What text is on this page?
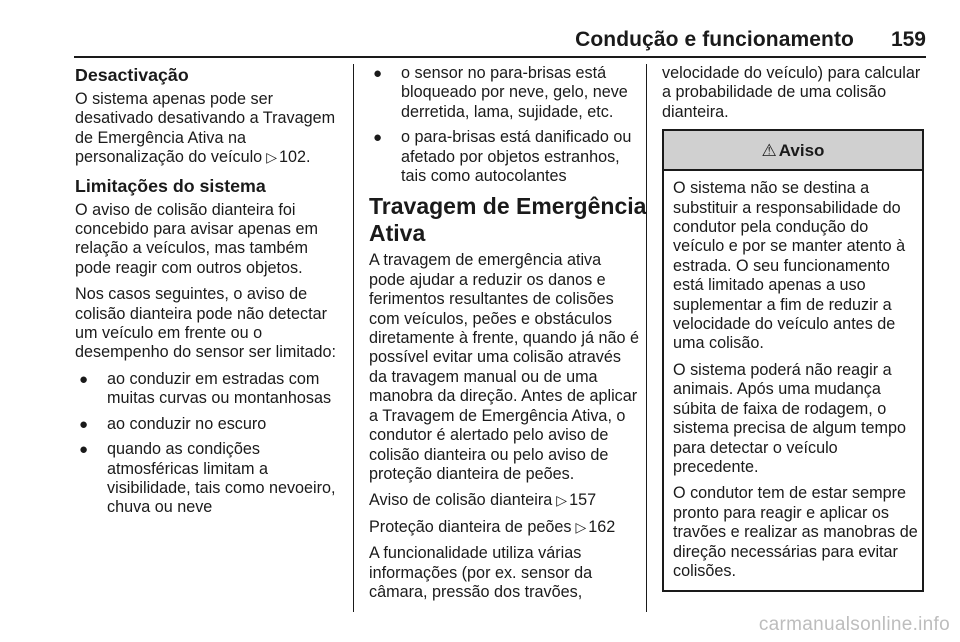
Condução e funcionamento 159
Desactivação

O sistema apenas pode ser
desativado desativando a Travagem
de Emergência Ativa na
personalização do veículo ▷ 102.

Limitações do sistema

O aviso de colisão dianteira foi
concebido para avisar apenas em
relação a veículos, mas também
pode reagir com outros objetos.

Nos casos seguintes, o aviso de
colisão dianteira pode não detectar
um veículo em frente ou o
desempenho do sensor ser limitado:

● ao conduzir em estradas com
muitas curvas ou montanhosas
● ao conduzir no escuro
● quando as condições
atmosféricas limitam a
visibilidade, tais como nevoeiro,
chuva ou neve
● o sensor no para-brisas está
bloqueado por neve, gelo, neve
derretida, lama, sujidade, etc.
● o para-brisas está danificado ou
afetado por objetos estranhos,
tais como autocolantes
Travagem de Emergência
Ativa

A travagem de emergência ativa
pode ajudar a reduzir os danos e
ferimentos resultantes de colisões
com veículos, peões e obstáculos
diretamente à frente, quando já não é
possível evitar uma colisão através
da travagem manual ou de uma
manobra da direção. Antes de aplicar
a Travagem de Emergência Ativa, o
condutor é alertado pelo aviso de
colisão dianteira ou pelo aviso de
proteção dianteira de peões.

Aviso de colisão dianteira ▷ 157

Proteção dianteira de peões ▷ 162

A funcionalidade utiliza várias
informações (por ex. sensor da
câmara, pressão dos travões,

velocidade do veículo) para calcular
a probabilidade de uma colisão
dianteira.

⚠ Aviso

O sistema não se destina a
substituir a responsabilidade do
condutor pela condução do
veículo e por se manter atento à
estrada. O seu funcionamento
está limitado apenas a uso
suplementar a fim de reduzir a
velocidade do veículo antes de
uma colisão.

O sistema poderá não reagir a
animais. Após uma mudança
súbita de faixa de rodagem, o
sistema precisa de algum tempo
para detectar o veículo
precedente.

O condutor tem de estar sempre
pronto para reagir e aplicar os
travões e realizar as manobras de
direção necessárias para evitar
colisões.

carmanualsonline.info
